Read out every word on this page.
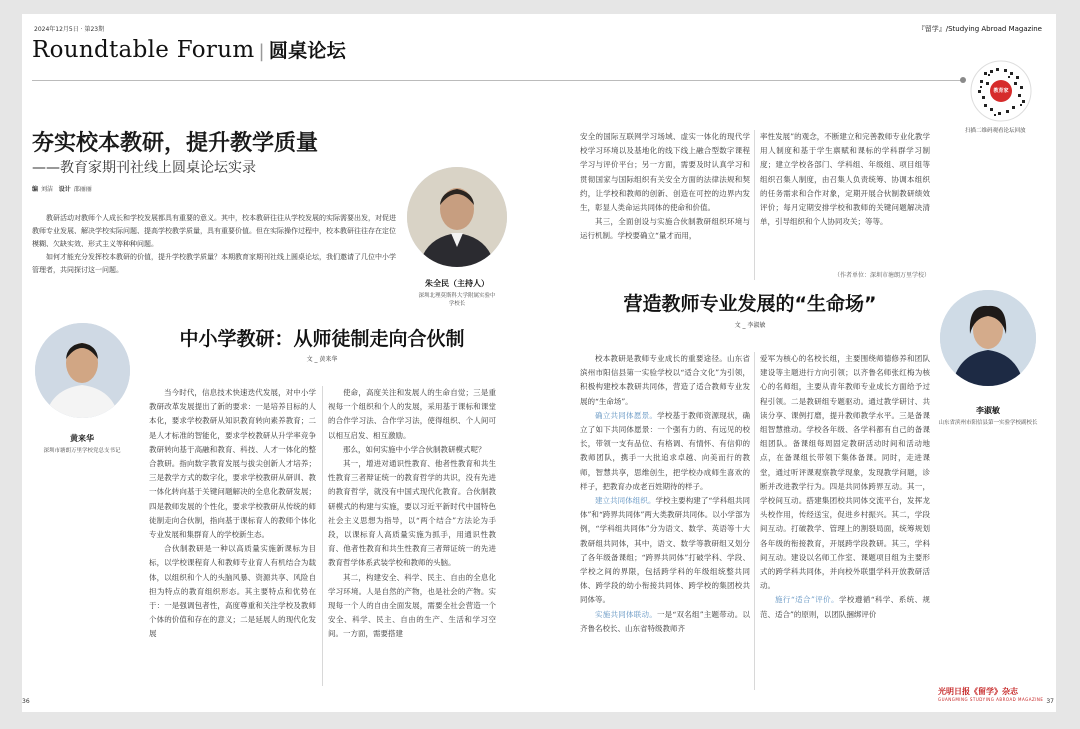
2024年12月5日 · 第23期
Roundtable Forum | 圆桌论坛
夯实校本教研，提升教学质量
——教育家期刊社线上圆桌论坛实录
编 刘洁 设计 邵丽丽

教研活动对教师个人成长和学校发展都具有重要的意义。其中，校本教研往往从学校发展的实际需要出发，对促进教师专业发展、解决学校实际问题、提高学校教学质量，具有重要价值。但在实际操作过程中，校本教研往往存在定位模糊、欠缺实效、形式主义等种种问题。

如何才能充分发挥校本教研的价值，提升学校教学质量？本期教育家期刊社线上圆桌论坛，我们邀请了几位中小学管理者，共同探讨这一问题。

朱全民（主持人）
深圳北理莫斯科大学附属实验中学校长
黄来华
深圳市塘朗万里学校党总支书记
中小学教研：从师徒制走向合伙制
文 _ 黄来华

当今时代，信息技术快速迭代发展，对中小学教研改革发展提出了新的要求：一是培养目标的人本化，要求学校教研从知识教育转向素养教育；二是人才标准的智能化，要求学校教研从升学率竞争教研转向基于高融和教育、科技、人才一体化的整合教研。指向数字教育发展与拔尖创新人才培养；三是教学方式的数字化，要求学校教研从研训、教一体化转向基于关键问题解决的全息化教研发展；四是教师发展的个性化，要求学校教研从传统的师徒制走向合伙制，指向基于课标育人的教师个体化专业发展和集群育人的学校新生态。

合伙制教研是一种以高质量实施新课标为目标，以学校课程育人和教师专业育人有机结合为载体，以组织和个人的头脑风暴、资源共享、风险自担为特点的教育组织形态。其主要特点和优势在于：一是强调包者性，高度尊重和关注学校及教师个体的价值和存在的意义；二是延展人的现代化发展

使命，高度关注和发展人的生命自觉；三是重视每一个组织和个人的发展，采用基于课标和课堂的合作学习法、合作学习法，使得组织、个人间可以相互启发、相互激励。

那么，如何实施中小学合伙制教研模式呢？

其一，增进对通识性教育、他者性教育和共生性教育三者辩证统一的教育哲学的共识，没有先进的教育哲学，就没有中国式现代化教育。合伙制教研模式的构建与实施，要以习近平新时代中国特色社会主义思想为指导，以“两个结合”方法论为手段，以课标育人高质量实施为抓手，用通识性教育、他者性教育和共生性教育三者辩证统一的先进教育哲学体系武装学校和教师的头脑。

其二，构建安全、科学、民主、自由的全息化学习环境。人是自然的产物，也是社会的产物。实现每一个人的自由全面发展，需要全社会营造一个安全、科学、民主、自由的生产、生活和学习空间。一方面，需要搭建

36
『留学』/Studying Abroad Magazine
教育家
扫描二维码观看论坛回放

安全的国际互联网学习场域、虚实一体化的现代学校学习环境以及基地化的线下线上融合型数字课程学习与评价平台；另一方面，需要及时认真学习和贯彻国家与国际组织有关安全方面的法律法规和契约，让学校和教师的创新、创造在可控的边界内发生，彰显人类命运共同体的使命和价值。

其三，全面创设与实施合伙制教研组织环境与运行机制。学校要确立“量才而用，

率性发展”的观念，不断建立和完善教师专业化教学用人制度和基于学生禀赋和课标的学科群学习制度；建立学校各部门、学科组、年级组、项目组等组织召集人制度，由召集人负责统筹、协调本组织的任务需求和合作对象，定期开展合伙制教研绩效评价；每月定期安排学校和教师的关键问题解决清单，引导组织和个人协同攻关；等等。

（作者单位：深圳市塘朗万里学校）
营造教师专业发展的“生命场”
文 _ 李淑敏
李淑敏
山东省滨州市阳信县第一实验学校副校长

校本教研是教师专业成长的重要途径。山东省滨州市阳信县第一实验学校以“适合文化”为引领，积极构建校本教研共同体，营造了适合教师专业发展的“生命场”。

确立共同体愿景。学校基于教师资源现状，确立了如下共同体愿景：一个强有力的、有远见的校长，带领一支有品位、有格调、有情怀、有信仰的教师团队，携手一大批追求卓越、向美而行的教师，智慧共享，思维创生，把学校办成师生喜欢的样子，把教育办成老百姓期待的样子。

建立共同体组织。学校主要构建了“学科组共同体”和“跨界共同体”两大类教研共同体。以小学部为例，“学科组共同体”分为语文、数学、英语等十大教研组共同体，其中，语文、数学等教研组又划分了各年级备课组；“跨界共同体”打破学科、学段、学校之间的界限，包括跨学科的年级组统整共同体、跨学段的幼小衔接共同体、跨学校的集团校共同体等。

实施共同体联动。一是“双名组”主题带动。以齐鲁名校长、山东省特级教师齐

爱军为核心的名校长组，主要围绕师德修养和团队建设等主题进行方向引领；以齐鲁名师张红梅为核心的名师组，主要从青年教师专业成长方面给予过程引领。二是教研组专题驱动。通过教学研讨、共读分享、课例打磨，提升教师教学水平。三是备课组智慧推动。学校各年级、各学科都有自己的备课组团队。备课组每周固定教研活动时间和活动地点，在备课组长带领下集体备课。同时，走进课堂，通过听评课观察教学现象，发现教学问题，诊断并改进教学行为。四是共同体跨界互动。其一，学校间互动。搭建集团校共同体交流平台，发挥龙头校作用，传经送宝，促进乡村振兴。其二，学段间互动。打破教学、管理上的割裂局面，统筹规划各年级的衔接教育，开展跨学段教研。其三，学科间互动。建设以名师工作室、课题项目组为主要形式的跨学科共同体，并向校外联盟学科开放教研活动。

施行“适合”评价。学校遵循“科学、系统、规范、适合”的原则，以团队捆绑评价

光明日报《留学》杂志
GUANGMING STUDYING ABROAD MAGAZINE 37
